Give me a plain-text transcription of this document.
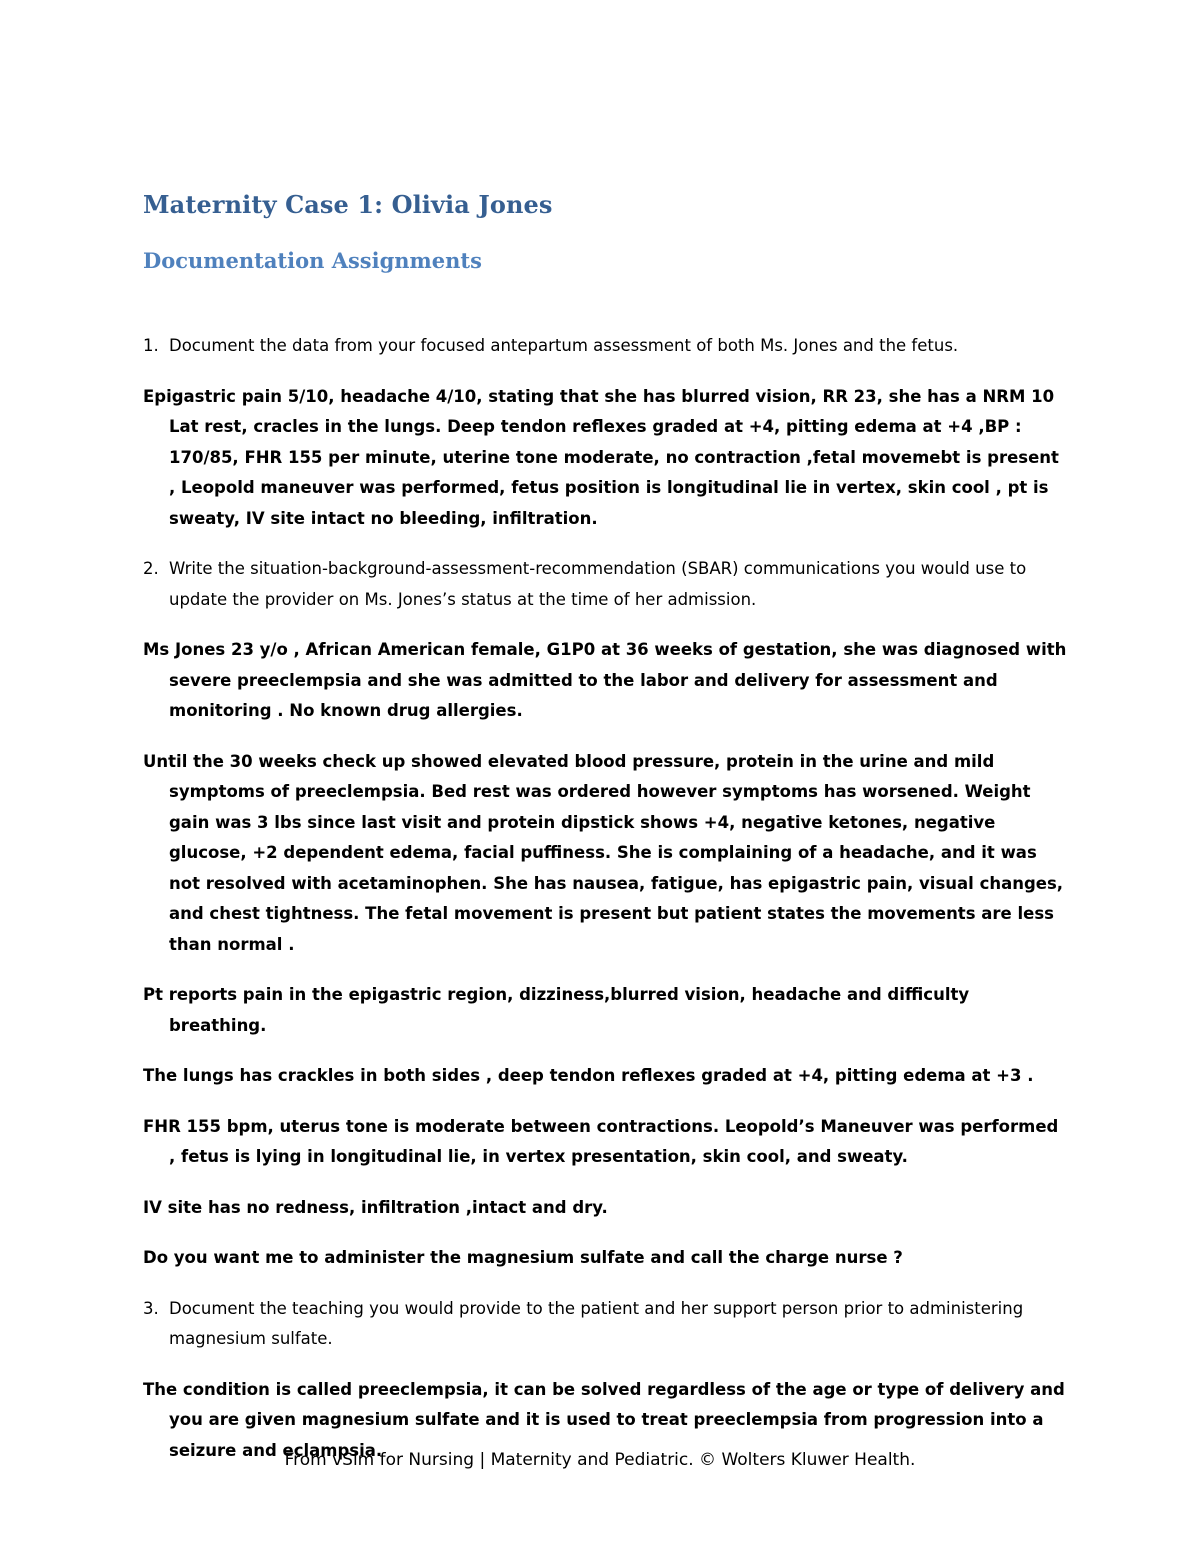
Maternity Case 1: Olivia Jones
Documentation Assignments

1. Document the data from your focused antepartum assessment of both Ms. Jones and the fetus.

Epigastric pain 5/10, headache 4/10, stating that she has blurred vision, RR 23, she has a NRM 10 Lat rest, cracles in the lungs. Deep tendon reflexes graded at +4, pitting edema at +4 ,BP : 170/85, FHR 155 per minute, uterine tone moderate, no contraction ,fetal movemebt is present , Leopold maneuver was performed, fetus position is longitudinal lie in vertex, skin cool , pt is sweaty, IV site intact no bleeding, infiltration.

2. Write the situation-background-assessment-recommendation (SBAR) communications you would use to update the provider on Ms. Jones’s status at the time of her admission.

Ms Jones 23 y/o , African American female, G1P0 at 36 weeks of gestation, she was diagnosed with severe preeclempsia and she was admitted to the labor and delivery for assessment and monitoring . No known drug allergies.

Until the 30 weeks check up showed elevated blood pressure, protein in the urine and mild symptoms of preeclempsia. Bed rest was ordered however symptoms has worsened. Weight gain was 3 lbs since last visit and protein dipstick shows +4, negative ketones, negative glucose, +2 dependent edema, facial puffiness. She is complaining of a headache, and it was not resolved with acetaminophen. She has nausea, fatigue, has epigastric pain, visual changes, and chest tightness. The fetal movement is present but patient states the movements are less than normal .

Pt reports pain in the epigastric region, dizziness,blurred vision, headache and difficulty breathing.

The lungs has crackles in both sides , deep tendon reflexes graded at +4, pitting edema at +3 .

FHR 155 bpm, uterus tone is moderate between contractions. Leopold’s Maneuver was performed , fetus is lying in longitudinal lie, in vertex presentation, skin cool, and sweaty.

IV site has no redness, infiltration ,intact and dry.

Do you want me to administer the magnesium sulfate and call the charge nurse ?

3. Document the teaching you would provide to the patient and her support person prior to administering magnesium sulfate.

The condition is called preeclempsia, it can be solved regardless of the age or type of delivery and you are given magnesium sulfate and it is used to treat preeclempsia from progression into a seizure and eclampsia.

From vSim for Nursing | Maternity and Pediatric. © Wolters Kluwer Health.
